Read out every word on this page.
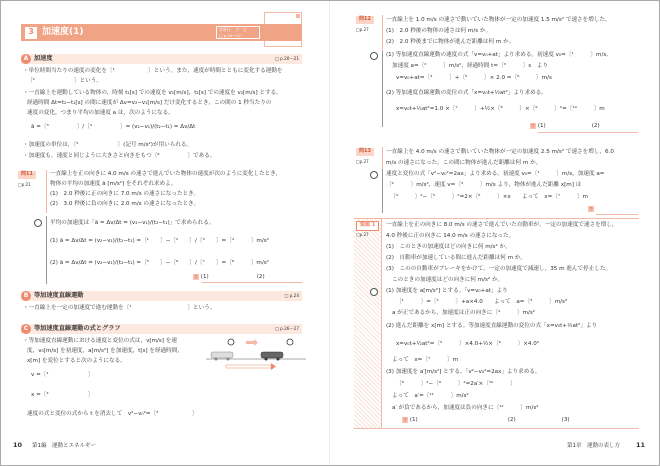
3 加速度(1)	学習日:　月　日
□ p.20〜27
A 加速度	□ p.20〜21
・単位時間当たりの速度の変化を〔¹　　　　　　〕という。また，速度が時間とともに変化する運動を
〔²　　　　　　　〕という。
・一直線上を運動している物体の，時刻 t₁[s] での速度を v₁[m/s]，t₂[s] での速度を v₂[m/s] とする。
経過時間 Δt=t₂−t₁[s] の間に速度が Δv=v₂−v₁[m/s] だけ変化するとき，この間の 1 秒当たりの
速度の変化，つまり平均の加速度 a は，次のようになる。
ā =〔³　　　　　〕/〔⁴　　　　　〕= (v₂−v₁)/(t₂−t₁) = Δv/Δt
・加速度の単位は，〔⁵　　　　　　　〕(記号 m/s²)が用いられる。
・加速度も，速度と同じように大きさと向きをもつ〔⁶　　　　　〕である。
問11
□p.21
一直線上を正の向きに 4.0 m/s の速さで進んでいた物体の速度が次のように変化したとき，
物体の平均の加速度 ā [m/s²] をそれぞれ求めよ。
(1)　2.0 秒後に正の向きに 7.0 m/s の速さになったとき。
(2)　3.0 秒後に負の向きに 2.0 m/s の速さになったとき。
平均の加速度は「ā = Δv/Δt = (v₂−v₁)/(t₂−t₁)」で求められる。
(1) ā = Δv/Δt = (v₂−v₁)/(t₂−t₁) =〔¹　　〕−〔²　　〕/〔³　　〕=〔⁴　　　〕m/s²
(2) ā = Δv/Δt = (v₂−v₁)/(t₂−t₁) =〔⁵　　〕−〔⁶　　〕/〔⁷　　〕=〔⁸　　　〕m/s²
答 (1)	(2)
B 等加速度直線運動	□ p.24
・一直線上を一定の加速度で進む運動を〔¹　　　　　　　　　　〕という。
C 等加速度直線運動の式とグラフ	□ p.26〜27
・等加速度直線運動における速度と変位の式は，v[m/s] を速
度，v₀[m/s] を初速度，a[m/s²] を加速度，t[s] を経過時間，
x[m] を変位とすると次のようになる。
v =〔¹　　　　　　　〕
x =〔²　　　　　　　〕
速度の式と変位の式から t を消去して　v²−v₀²=〔³　　　　　　〕
10 第1編　運動とエネルギー
問12
□p.27
一直線上を 1.0 m/s の速さで動いていた物体が一定の加速度 1.5 m/s² で速さを増した。
(1)　2.0 秒後の物体の速さは何 m/s か。
(2)　2.0 秒後までに物体が進んだ距離は何 m か。
(1) 等加速度直線運動の速度の式「v=v₀+at」より求める。初速度 v₀=〔¹　　　〕m/s,
加速度 a=〔²　　　〕m/s²，経過時間 t=〔³　　　〕s　より
v=v₀+at=〔⁴　　　〕+〔⁵　　　〕× 2.0 =〔⁶　　　〕m/s
(2) 等加速度直線運動の変位の式「x=v₀t+½at²」より求める。
x=v₀t+½at²=1.0 ×〔⁷　　　〕+½×〔⁸　　　〕×〔⁹　　　〕²=〔¹⁰　　　〕m
答 (1)	(2)
問13
□p.27
一直線上を 4.0 m/s の速さで動いていた物体が一定の加速度 2.5 m/s² で速さを増し，6.0
m/s の速さになった。この間に物体が進んだ距離は何 m か。
速度と変位の式「v²−v₀²=2ax」より求める。初速度 v₀=〔¹　　　〕m/s，加速度 a=
〔²　　　〕m/s²，速度 v=〔³　　　〕m/s より，物体が進んだ距離 x[m] は
〔⁴　　　〕²−〔⁵　　　〕²=2×〔⁶　　　〕×x　　よって　x=〔⁷　　　〕m
答
類題 1
□p.27
一直線上を正の向きに 8.0 m/s の速さで進んでいた自動車が，一定の加速度で速さを増し，
4.0 秒後に正の向きに 14.0 m/s の速さになった。
(1)　このときの加速度はどの向きに何 m/s² か。
(2)　自動車が加速している間に進んだ距離は何 m か。
(3)　このの自動車がブレーキをかけて，一定の加速度で減速し，35 m 進んで停止した。
このときの加速度はどの向きに何 m/s² か。
(1) 加速度を a[m/s²] とする。「v=v₀+at」より
〔¹　　　〕=〔²　　　〕+a×4.0　　よって　a=〔³　　　〕m/s²
a が正であるから，加速度は正の向きに〔⁴　　　〕m/s²
(2) 進んだ距離を x[m] とする。等加速度直線運動の変位の式「x=v₀t+½at²」より
x=v₀t+½at²=〔⁵　　　〕×4.0+½×〔⁶　　　〕×4.0²
よって　x=〔⁷　　　〕m
(3) 加速度を a′[m/s²] とする。「v²−v₀²=2ax」より求める。
〔⁸　　　〕²−〔⁹　　　〕²=2a′×〔¹⁰　　　〕
よって　a′=〔¹¹　　　〕m/s²
a′ が負であるから，加速度は負の向きに〔¹²　　　〕m/s²
答 (1)	(2)	(3)
第1章　運動の表し方 11
